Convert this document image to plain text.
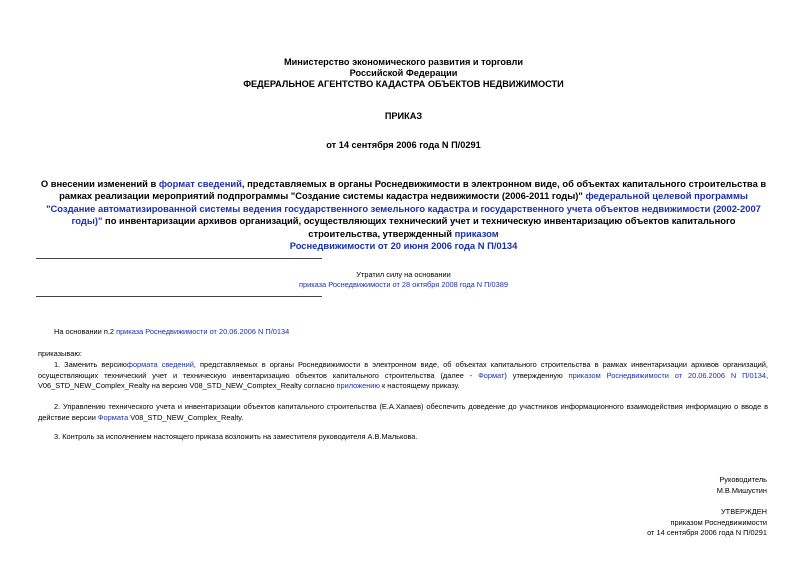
Министерство экономического развития и торговли
Российской Федерации
ФЕДЕРАЛЬНОЕ АГЕНТСТВО КАДАСТРА ОБЪЕКТОВ НЕДВИЖИМОСТИ
ПРИКАЗ
от 14 сентября 2006 года N П/0291
О внесении изменений в формат сведений, представляемых в органы Роснедвижимости в электронном виде, об объектах капитального строительства в рамках реализации мероприятий подпрограммы "Создание системы кадастра недвижимости (2006-2011 годы)" федеральной целевой программы "Создание автоматизированной системы ведения государственного земельного кадастра и государственного учета объектов недвижимости (2002-2007 годы)" по инвентаризации архивов организаций, осуществляющих технический учет и техническую инвентаризацию объектов капитального строительства, утвержденный приказом
Роснедвижимости от 20 июня 2006 года N П/0134
Утратил силу на основании
приказа Роснедвижимости от 28 октября 2008 года N П/0389
На основании п.2 приказа Роснедвижимости от 20.06.2006 N П/0134
приказываю:
1. Заменить версиюформата сведений, представляемых в органы Роснедвижимости в электронном виде, об объектах капитального строительства в рамках инвентаризации архивов организаций, осуществляющих технический учет и техническую инвентаризацию объектов капитального строительства (далее - Формат) утвержденную приказом Роснедвижимости от 20.06.2006 N П/0134, V06_STD_NEW_Complex_Realty на версию V08_STD_NEW_Comptex_Realty согласно приложению к настоящему приказу.
2. Управлению технического учета и инвентаризации объектов капитального строительства (Е.А.Хапаев) обеспечить доведение до участников информационного взаимодействия информацию о вводе в действие версии Формата V08_STD_NEW_Complex_Realty.
3. Контроль за исполнением настоящего приказа возложить на заместителя руководителя А.В.Малькова.
Руководитель
М.В.Мишустин
УТВЕРЖДЕН
приказом Роснедвижимости
от 14 сентября 2006 года N П/0291
